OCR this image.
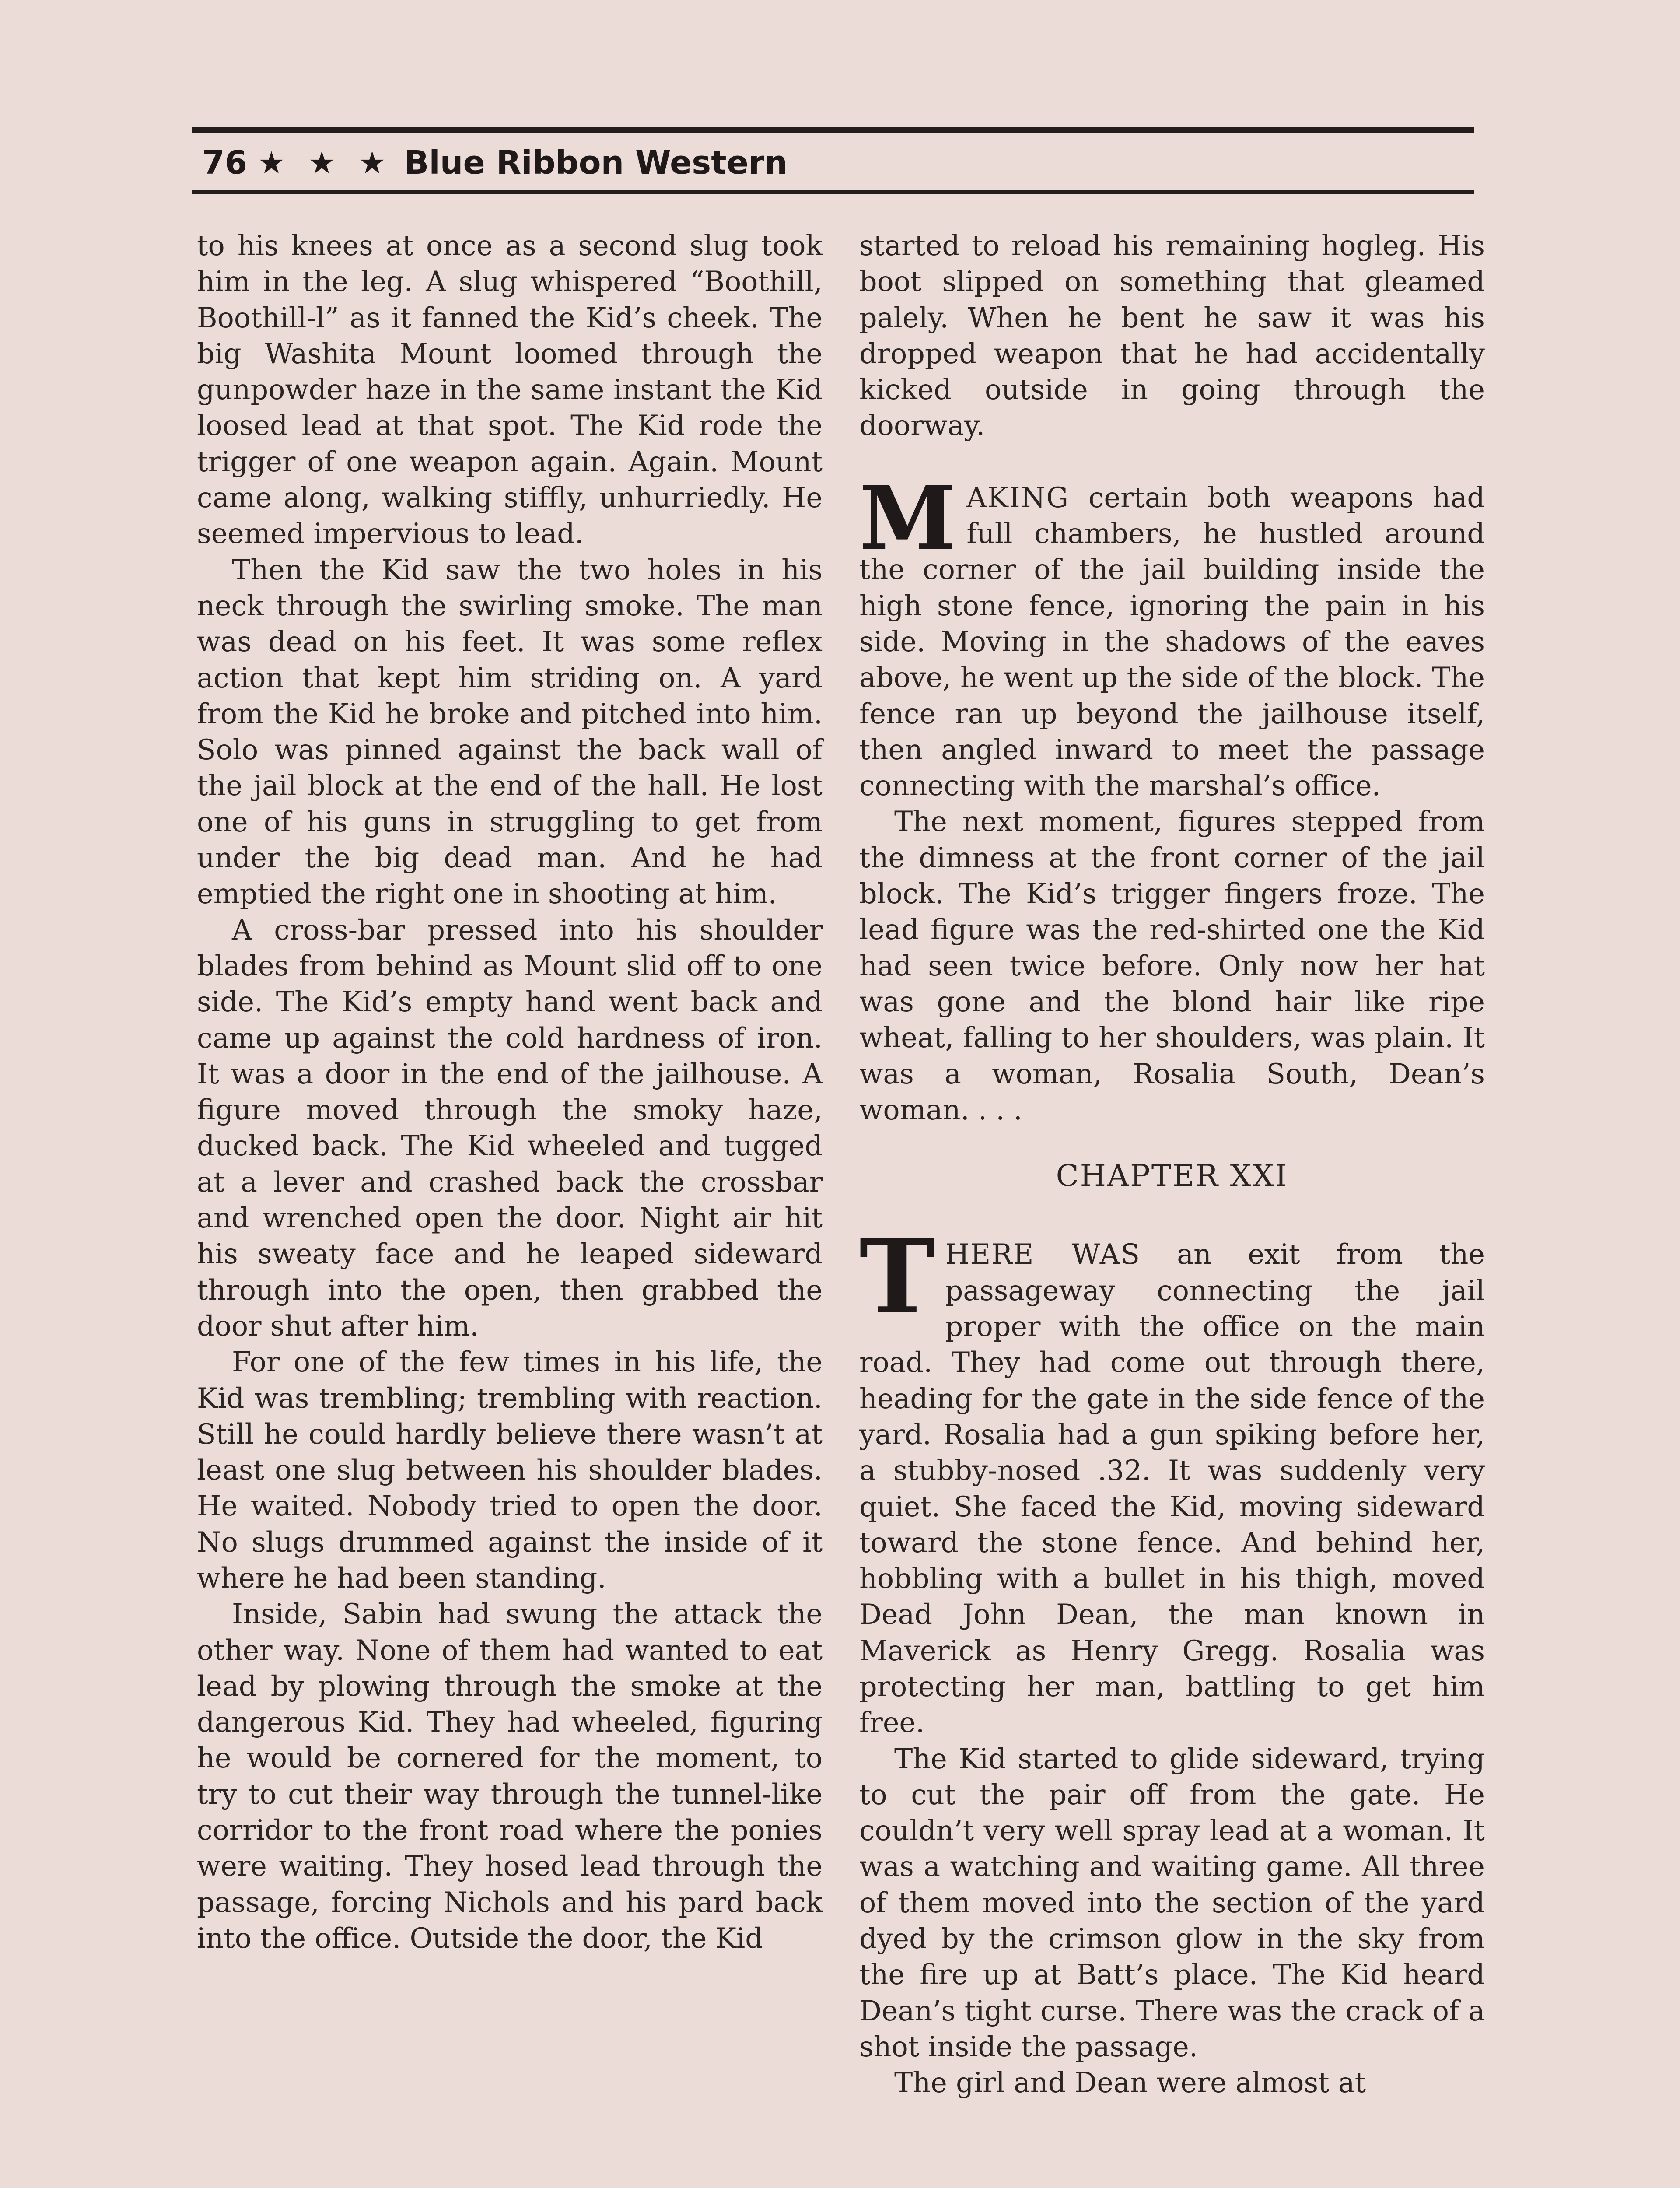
76 ★ ★ ★ Blue Ribbon Western

to his knees at once as a second slug took him in the leg. A slug whispered “Boothill, Boothill-l” as it fanned the Kid’s cheek. The big Washita Mount loomed through the gunpowder haze in the same instant the Kid loosed lead at that spot. The Kid rode the trigger of one weapon again. Again. Mount came along, walking stiffly, unhurriedly. He seemed impervious to lead.

Then the Kid saw the two holes in his neck through the swirling smoke. The man was dead on his feet. It was some reflex action that kept him striding on. A yard from the Kid he broke and pitched into him. Solo was pinned against the back wall of the jail block at the end of the hall. He lost one of his guns in struggling to get from under the big dead man. And he had emptied the right one in shooting at him.

A cross-bar pressed into his shoulder blades from behind as Mount slid off to one side. The Kid’s empty hand went back and came up against the cold hardness of iron. It was a door in the end of the jailhouse. A figure moved through the smoky haze, ducked back. The Kid wheeled and tugged at a lever and crashed back the crossbar and wrenched open the door. Night air hit his sweaty face and he leaped sideward through into the open, then grabbed the door shut after him.

For one of the few times in his life, the Kid was trembling; trembling with reaction. Still he could hardly believe there wasn’t at least one slug between his shoulder blades. He waited. Nobody tried to open the door. No slugs drummed against the inside of it where he had been standing.

Inside, Sabin had swung the attack the other way. None of them had wanted to eat lead by plowing through the smoke at the dangerous Kid. They had wheeled, figuring he would be cornered for the moment, to try to cut their way through the tunnel-like corridor to the front road where the ponies were waiting. They hosed lead through the passage, forcing Nichols and his pard back into the office. Outside the door, the Kid

started to reload his remaining hogleg. His boot slipped on something that gleamed palely. When he bent he saw it was his dropped weapon that he had accidentally kicked outside in going through the doorway.

MAKING certain both weapons had full chambers, he hustled around the corner of the jail building inside the high stone fence, ignoring the pain in his side. Moving in the shadows of the eaves above, he went up the side of the block. The fence ran up beyond the jailhouse itself, then angled inward to meet the passage connecting with the marshal’s office.

The next moment, figures stepped from the dimness at the front corner of the jail block. The Kid’s trigger fingers froze. The lead figure was the red-shirted one the Kid had seen twice before. Only now her hat was gone and the blond hair like ripe wheat, falling to her shoulders, was plain. It was a woman, Rosalia South, Dean’s woman. . . .

CHAPTER XXI

THERE WAS an exit from the passageway connecting the jail proper with the office on the main road. They had come out through there, heading for the gate in the side fence of the yard. Rosalia had a gun spiking before her, a stubby-nosed .32. It was suddenly very quiet. She faced the Kid, moving sideward toward the stone fence. And behind her, hobbling with a bullet in his thigh, moved Dead John Dean, the man known in Maverick as Henry Gregg. Rosalia was protecting her man, battling to get him free.

The Kid started to glide sideward, trying to cut the pair off from the gate. He couldn’t very well spray lead at a woman. It was a watching and waiting game. All three of them moved into the section of the yard dyed by the crimson glow in the sky from the fire up at Batt’s place. The Kid heard Dean’s tight curse. There was the crack of a shot inside the passage.

The girl and Dean were almost at
